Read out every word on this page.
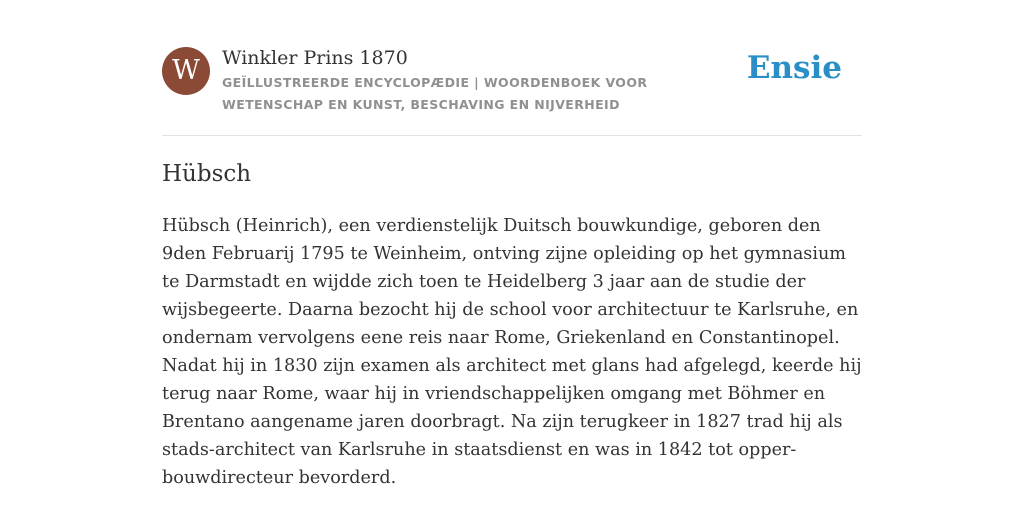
W	Winkler Prins 1870
GEÏLLUSTREERDE ENCYCLOPÆDIE | WOORDENBOEK VOOR WETENSCHAP EN KUNST, BESCHAVING EN NIJVERHEID
Ensie
Hübsch

Hübsch (Heinrich), een verdienstelijk Duitsch bouwkundige, geboren den 9den Februarij 1795 te Weinheim, ontving zijne opleiding op het gymnasium te Darmstadt en wijdde zich toen te Heidelberg 3 jaar aan de studie der wijsbegeerte. Daarna bezocht hij de school voor architectuur te Karlsruhe, en ondernam vervolgens eene reis naar Rome, Griekenland en Constantinopel. Nadat hij in 1830 zijn examen als architect met glans had afgelegd, keerde hij terug naar Rome, waar hij in vriendschappelijken omgang met Böhmer en Brentano aangename jaren doorbragt. Na zijn terugkeer in 1827 trad hij als stads-architect van Karlsruhe in staatsdienst en was in 1842 tot opper-bouwdirecteur bevorderd.
